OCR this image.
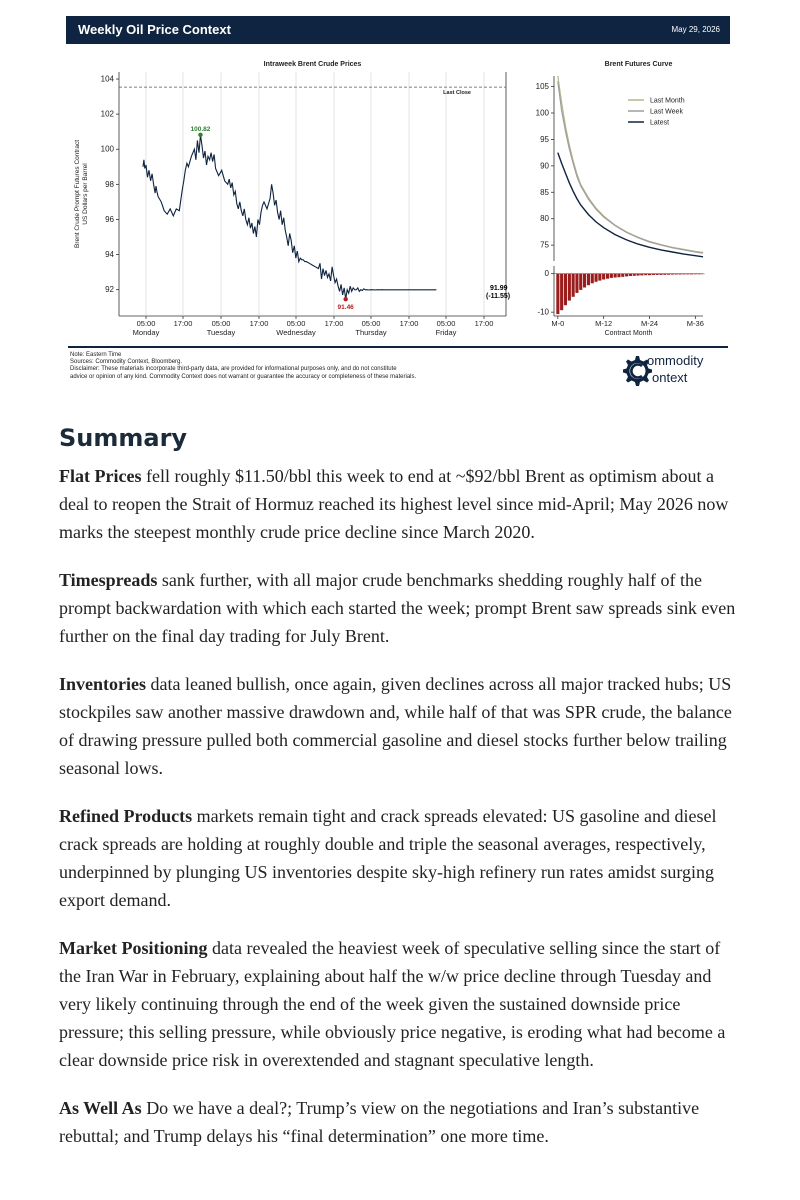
Weekly Oil Price Context	May 29, 2026
Intraweek Brent Crude Prices
92
94
96
98
100
102
104
Brent Crude Prompt Futures Contract US Dollars per Barrel
05:00
Monday
17:00	05:00
Tuesday
17:00 05:00
Wednesday
17:00 05:00
Thursday
17:00 05:00
Friday
17:00
Last Close
100.82
91.46
91.99
(-11.55)
Brent Futures Curve
75
80
85
90
95
100
105
-10
0
M-0	M-12	M-24	M-36
Contract Month
Last Month
Last Week
Latest
Note: Eastern Time
Sources: Commodity Context, Bloomberg.
Disclaimer: These materials incorporate third-party data, are provided for informational purposes only, and do not constitute
advice or opinion of any kind. Commodity Context does not warrant or guarantee the accuracy or completeness of these materials.
ommodity
ontext
Summary

Flat Prices fell roughly $11.50/bbl this week to end at ~$92/bbl Brent as optimism about a deal to reopen the Strait of Hormuz reached its highest level since mid-April; May 2026 now marks the steepest monthly crude price decline since March 2020.

Timespreads sank further, with all major crude benchmarks shedding roughly half of the prompt backwardation with which each started the week; prompt Brent saw spreads sink even further on the final day trading for July Brent.

Inventories data leaned bullish, once again, given declines across all major tracked hubs; US stockpiles saw another massive drawdown and, while half of that was SPR crude, the balance of drawing pressure pulled both commercial gasoline and diesel stocks further below trailing seasonal lows.

Refined Products markets remain tight and crack spreads elevated: US gasoline and diesel crack spreads are holding at roughly double and triple the seasonal averages, respectively, underpinned by plunging US inventories despite sky-high refinery run rates amidst surging export demand.

Market Positioning data revealed the heaviest week of speculative selling since the start of the Iran War in February, explaining about half the w/w price decline through Tuesday and very likely continuing through the end of the week given the sustained downside price pressure; this selling pressure, while obviously price negative, is eroding what had become a clear downside price risk in overextended and stagnant speculative length.

As Well As Do we have a deal?; Trump’s view on the negotiations and Iran’s substantive rebuttal; and Trump delays his “final determination” one more time.
